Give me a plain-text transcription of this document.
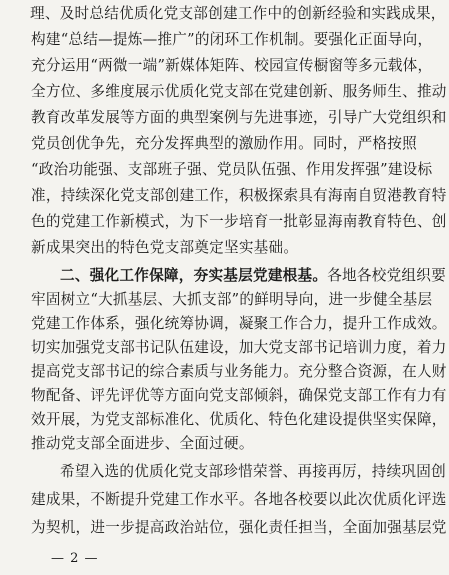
理、及时总结优质化党支部创建工作中的创新经验和实践成果，
构建“总结—提炼—推广”的闭环工作机制。要强化正面导向，
充分运用“两微一端”新媒体矩阵、校园宣传橱窗等多元载体，
全方位、多维度展示优质化党支部在党建创新、服务师生、推动
教育改革发展等方面的典型案例与先进事迹，引导广大党组织和
党员创优争先，充分发挥典型的激励作用。同时，严格按照
“政治功能强、支部班子强、党员队伍强、作用发挥强”建设标
准，持续深化党支部创建工作，积极探索具有海南自贸港教育特
色的党建工作新模式，为下一步培育一批彰显海南教育特色、创
新成果突出的特色党支部奠定坚实基础。
二、强化工作保障，夯实基层党建根基。各地各校党组织要
牢固树立“大抓基层、大抓支部”的鲜明导向，进一步健全基层
党建工作体系，强化统筹协调，凝聚工作合力，提升工作成效。
切实加强党支部书记队伍建设，加大党支部书记培训力度，着力
提高党支部书记的综合素质与业务能力。充分整合资源，在人财
物配备、评先评优等方面向党支部倾斜，确保党支部工作有力有
效开展，为党支部标准化、优质化、特色化建设提供坚实保障，
推动党支部全面进步、全面过硬。
希望入选的优质化党支部珍惜荣誉、再接再厉，持续巩固创
建成果，不断提升党建工作水平。各地各校要以此次优质化评选
为契机，进一步提高政治站位，强化责任担当，全面加强基层党
— 2 —
